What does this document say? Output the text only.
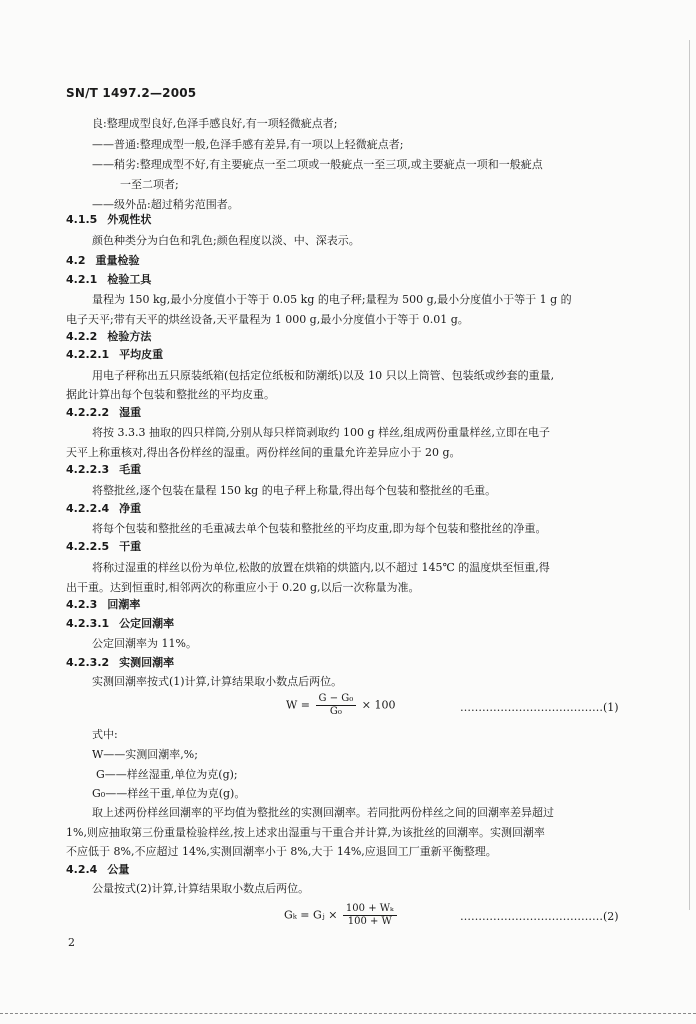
SN/T 1497.2—2005
良:整理成型良好,色泽手感良好,有一项轻微疵点者;
——普通:整理成型一般,色泽手感有差异,有一项以上轻微疵点者;
——稍劣:整理成型不好,有主要疵点一至二项或一般疵点一至三项,或主要疵点一项和一般疵点
一至二项者;
——级外品:超过稍劣范围者。
4.1.5 外观性状
颜色种类分为白色和乳色;颜色程度以淡、中、深表示。
4.2 重量检验
4.2.1 检验工具
量程为 150 kg,最小分度值小于等于 0.05 kg 的电子秤;量程为 500 g,最小分度值小于等于 1 g 的
电子天平;带有天平的烘丝设备,天平量程为 1 000 g,最小分度值小于等于 0.01 g。
4.2.2 检验方法
4.2.2.1 平均皮重
用电子秤称出五只原装纸箱(包括定位纸板和防潮纸)以及 10 只以上筒管、包装纸或纱套的重量,
据此计算出每个包装和整批丝的平均皮重。
4.2.2.2 湿重
将按 3.3.3 抽取的四只样筒,分别从每只样筒剥取约 100 g 样丝,组成两份重量样丝,立即在电子
天平上称重核对,得出各份样丝的湿重。两份样丝间的重量允许差异应小于 20 g。
4.2.2.3 毛重
将整批丝,逐个包装在量程 150 kg 的电子秤上称量,得出每个包装和整批丝的毛重。
4.2.2.4 净重
将每个包装和整批丝的毛重减去单个包装和整批丝的平均皮重,即为每个包装和整批丝的净重。
4.2.2.5 干重
将称过湿重的样丝以份为单位,松散的放置在烘箱的烘篮内,以不超过 145℃ 的温度烘至恒重,得
出干重。达到恒重时,相邻两次的称重应小于 0.20 g,以后一次称量为准。
4.2.3 回潮率
4.2.3.1 公定回潮率
公定回潮率为 11%。
4.2.3.2 实测回潮率
实测回潮率按式(1)计算,计算结果取小数点后两位。
$W = \frac{\text{G − G₀}}{\text{G₀}} \times 100$	…………………………………(1)
式中:
W——实测回潮率,%;
G——样丝湿重,单位为克(g);
G₀——样丝干重,单位为克(g)。
取上述两份样丝回潮率的平均值为整批丝的实测回潮率。若同批两份样丝之间的回潮率差异超过
1%,则应抽取第三份重量检验样丝,按上述求出湿重与干重合并计算,为该批丝的回潮率。实测回潮率
不应低于 8%,不应超过 14%,实测回潮率小于 8%,大于 14%,应退回工厂重新平衡整理。
4.2.4 公量
公量按式(2)计算,计算结果取小数点后两位。
Gₖ = Gⱼ × $\frac{\text{100 + Wₖ}}{100 + W}$	…………………………………(2)
2
